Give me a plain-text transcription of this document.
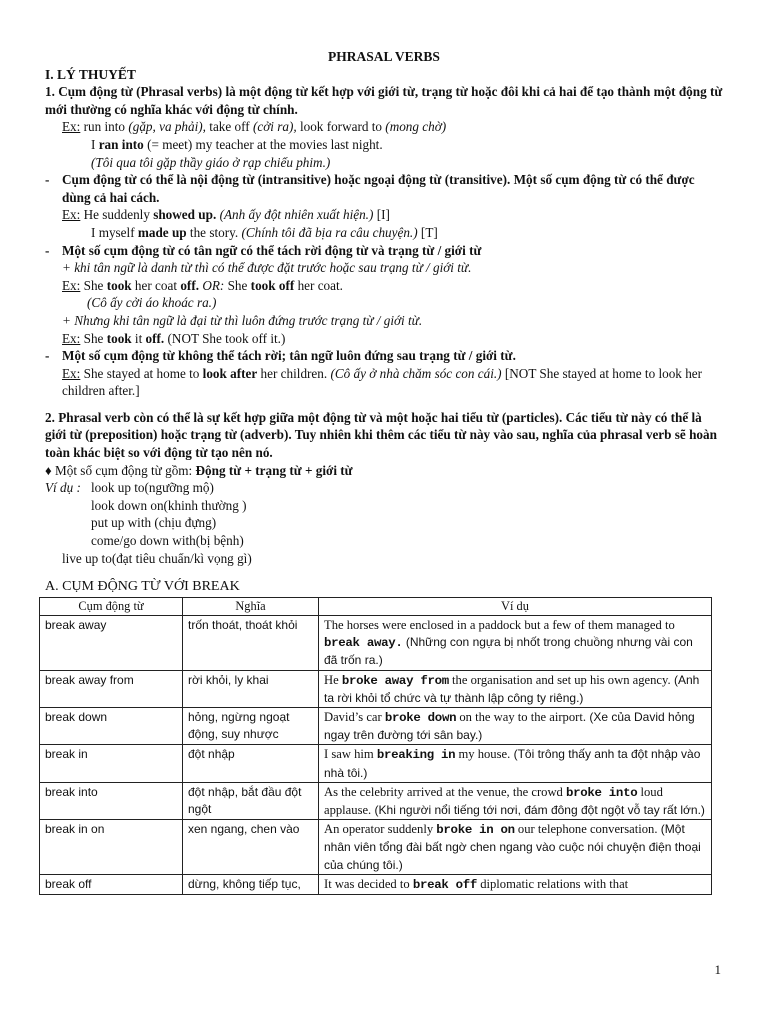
PHRASAL VERBS

I. LÝ THUYẾT

1. Cụm động từ (Phrasal verbs) là một động từ kết hợp với giới từ, trạng từ hoặc đôi khi cả hai để tạo thành một động từ mới thường có nghĩa khác với động từ chính.

Ex: run into (gặp, va phải), take off (cởi ra), look forward to (mong chờ)

I ran into (= meet) my teacher at the movies last night.

(Tôi qua tôi gặp thầy giáo ở rạp chiếu phim.)

- Cụm động từ có thể là nội động từ (intransitive) hoặc ngoại động từ (transitive). Một số cụm động từ có thể được dùng cả hai cách.

Ex: He suddenly showed up. (Anh ấy đột nhiên xuất hiện.) [I]

I myself made up the story. (Chính tôi đã bịa ra câu chuyện.) [T]

- Một số cụm động từ có tân ngữ có thể tách rời động từ và trạng từ / giới từ

+ khi tân ngữ là danh từ thì có thể được đặt trước hoặc sau trạng từ / giới từ.

Ex: She took her coat off. OR: She took off her coat.

(Cô ấy cởi áo khoác ra.)

+ Nhưng khi tân ngữ là đại từ thì luôn đứng trước trạng từ / giới từ.

Ex: She took it off. (NOT She took off it.)

- Một số cụm động từ không thể tách rời; tân ngữ luôn đứng sau trạng từ / giới từ.

Ex: She stayed at home to look after her children. (Cô ấy ở nhà chăm sóc con cái.) [NOT She stayed at home to look her children after.]

2. Phrasal verb còn có thể là sự kết hợp giữa một động từ và một hoặc hai tiểu từ (particles). Các tiểu từ này có thể là giới từ (preposition) hoặc trạng từ (adverb). Tuy nhiên khi thêm các tiểu từ này vào sau, nghĩa của phrasal verb sẽ hoàn toàn khác biệt so với động từ tạo nên nó.

♦ Một số cụm động từ gồm: Động từ + trạng từ + giới từ

Ví dụ : look up to(ngưỡng mộ)

look down on(khinh thường )

put up with (chịu đựng)

come/go down with(bị bệnh)

live up to(đạt tiêu chuẩn/kì vọng gì)

A. CỤM ĐỘNG TỪ VỚI BREAK

Cụm động từ	Nghĩa	Ví dụ
break away	trốn thoát, thoát khỏi	The horses were enclosed in a paddock but a few of them managed to break away. (Những con ngựa bị nhốt trong chuồng nhưng vài con đã trốn ra.)
break away from	rời khỏi, ly khai	He broke away from the organisation and set up his own agency. (Anh ta rời khỏi tổ chức và tự thành lập công ty riêng.)
break down	hỏng, ngừng ngoạt động, suy nhược	David’s car broke down on the way to the airport. (Xe của David hỏng ngay trên đường tới sân bay.)
break in	đột nhập	I saw him breaking in my house. (Tôi trông thấy anh ta đột nhập vào nhà tôi.)
break into	đột nhập, bắt đầu đột ngột	As the celebrity arrived at the venue, the crowd broke into loud applause. (Khi người nổi tiếng tới nơi, đám đông đột ngột vỗ tay rất lớn.)
break in on	xen ngang, chen vào	An operator suddenly broke in on our telephone conversation. (Một nhân viên tổng đài bất ngờ chen ngang vào cuộc nói chuyện điện thoại của chúng tôi.)
break off	dừng, không tiếp tục,	It was decided to break off diplomatic relations with that
1
